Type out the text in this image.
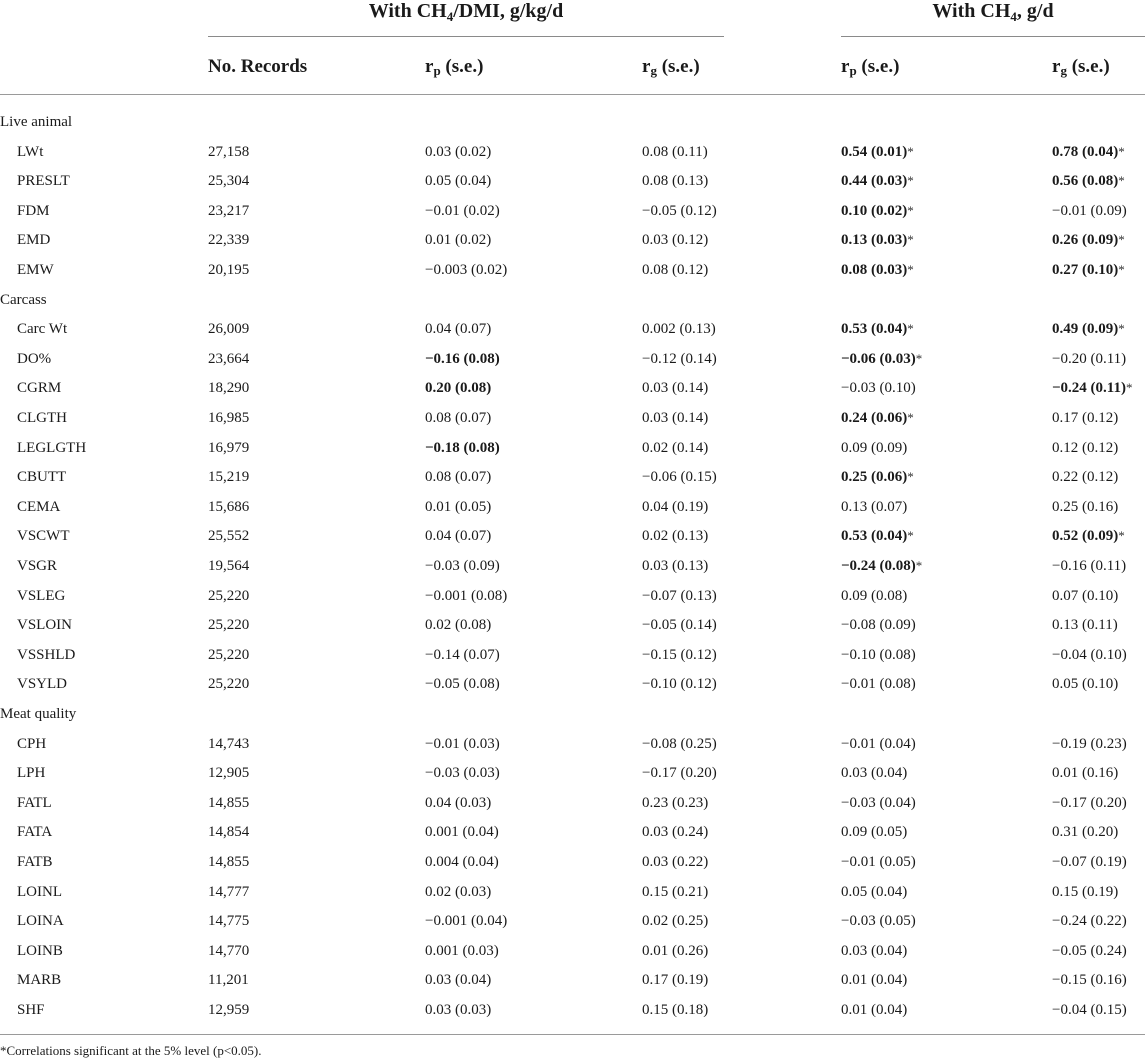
With $CH_4$/DMI, g/kg/d	With $CH_4$, g/d
No. Records	$r_p$ (s.e.)	$r_g$ (s.e.)	$r_p$ (s.e.)	$r_g$ (s.e.)
Live animal
LWt	27,158	0.03 (0.02)	0.08 (0.11)	0.54 (0.01)*	0.78 (0.04)*
PRESLT	25,304	0.05 (0.04)	0.08 (0.13)	0.44 (0.03)*	0.56 (0.08)*
FDM	23,217	−0.01 (0.02)	−0.05 (0.12)	0.10 (0.02)*	−0.01 (0.09)
EMD	22,339	0.01 (0.02)	0.03 (0.12)	0.13 (0.03)*	0.26 (0.09)*
EMW	20,195	−0.003 (0.02)	0.08 (0.12)	0.08 (0.03)*	0.27 (0.10)*
Carcass
Carc Wt	26,009	0.04 (0.07)	0.002 (0.13)	0.53 (0.04)*	0.49 (0.09)*
DO%	23,664	−0.16 (0.08)	−0.12 (0.14)	−0.06 (0.03)*	−0.20 (0.11)
CGRM	18,290	0.20 (0.08)	0.03 (0.14)	−0.03 (0.10)	−0.24 (0.11)*
CLGTH	16,985	0.08 (0.07)	0.03 (0.14)	0.24 (0.06)*	0.17 (0.12)
LEGLGTH	16,979	−0.18 (0.08)	0.02 (0.14)	0.09 (0.09)	0.12 (0.12)
CBUTT	15,219	0.08 (0.07)	−0.06 (0.15)	0.25 (0.06)*	0.22 (0.12)
CEMA	15,686	0.01 (0.05)	0.04 (0.19)	0.13 (0.07)	0.25 (0.16)
VSCWT	25,552	0.04 (0.07)	0.02 (0.13)	0.53 (0.04)*	0.52 (0.09)*
VSGR	19,564	−0.03 (0.09)	0.03 (0.13)	−0.24 (0.08)*	−0.16 (0.11)
VSLEG	25,220	−0.001 (0.08)	−0.07 (0.13)	0.09 (0.08)	0.07 (0.10)
VSLOIN	25,220	0.02 (0.08)	−0.05 (0.14)	−0.08 (0.09)	0.13 (0.11)
VSSHLD	25,220	−0.14 (0.07)	−0.15 (0.12)	−0.10 (0.08)	−0.04 (0.10)
VSYLD	25,220	−0.05 (0.08)	−0.10 (0.12)	−0.01 (0.08)	0.05 (0.10)
Meat quality
CPH	14,743	−0.01 (0.03)	−0.08 (0.25)	−0.01 (0.04)	−0.19 (0.23)
LPH	12,905	−0.03 (0.03)	−0.17 (0.20)	0.03 (0.04)	0.01 (0.16)
FATL	14,855	0.04 (0.03)	0.23 (0.23)	−0.03 (0.04)	−0.17 (0.20)
FATA	14,854	0.001 (0.04)	0.03 (0.24)	0.09 (0.05)	0.31 (0.20)
FATB	14,855	0.004 (0.04)	0.03 (0.22)	−0.01 (0.05)	−0.07 (0.19)
LOINL	14,777	0.02 (0.03)	0.15 (0.21)	0.05 (0.04)	0.15 (0.19)
LOINA	14,775	−0.001 (0.04)	0.02 (0.25)	−0.03 (0.05)	−0.24 (0.22)
LOINB	14,770	0.001 (0.03)	0.01 (0.26)	0.03 (0.04)	−0.05 (0.24)
MARB	11,201	0.03 (0.04)	0.17 (0.19)	0.01 (0.04)	−0.15 (0.16)
SHF	12,959	0.03 (0.03)	0.15 (0.18)	0.01 (0.04)	−0.04 (0.15)
*Correlations significant at the 5% level (p<0.05).
